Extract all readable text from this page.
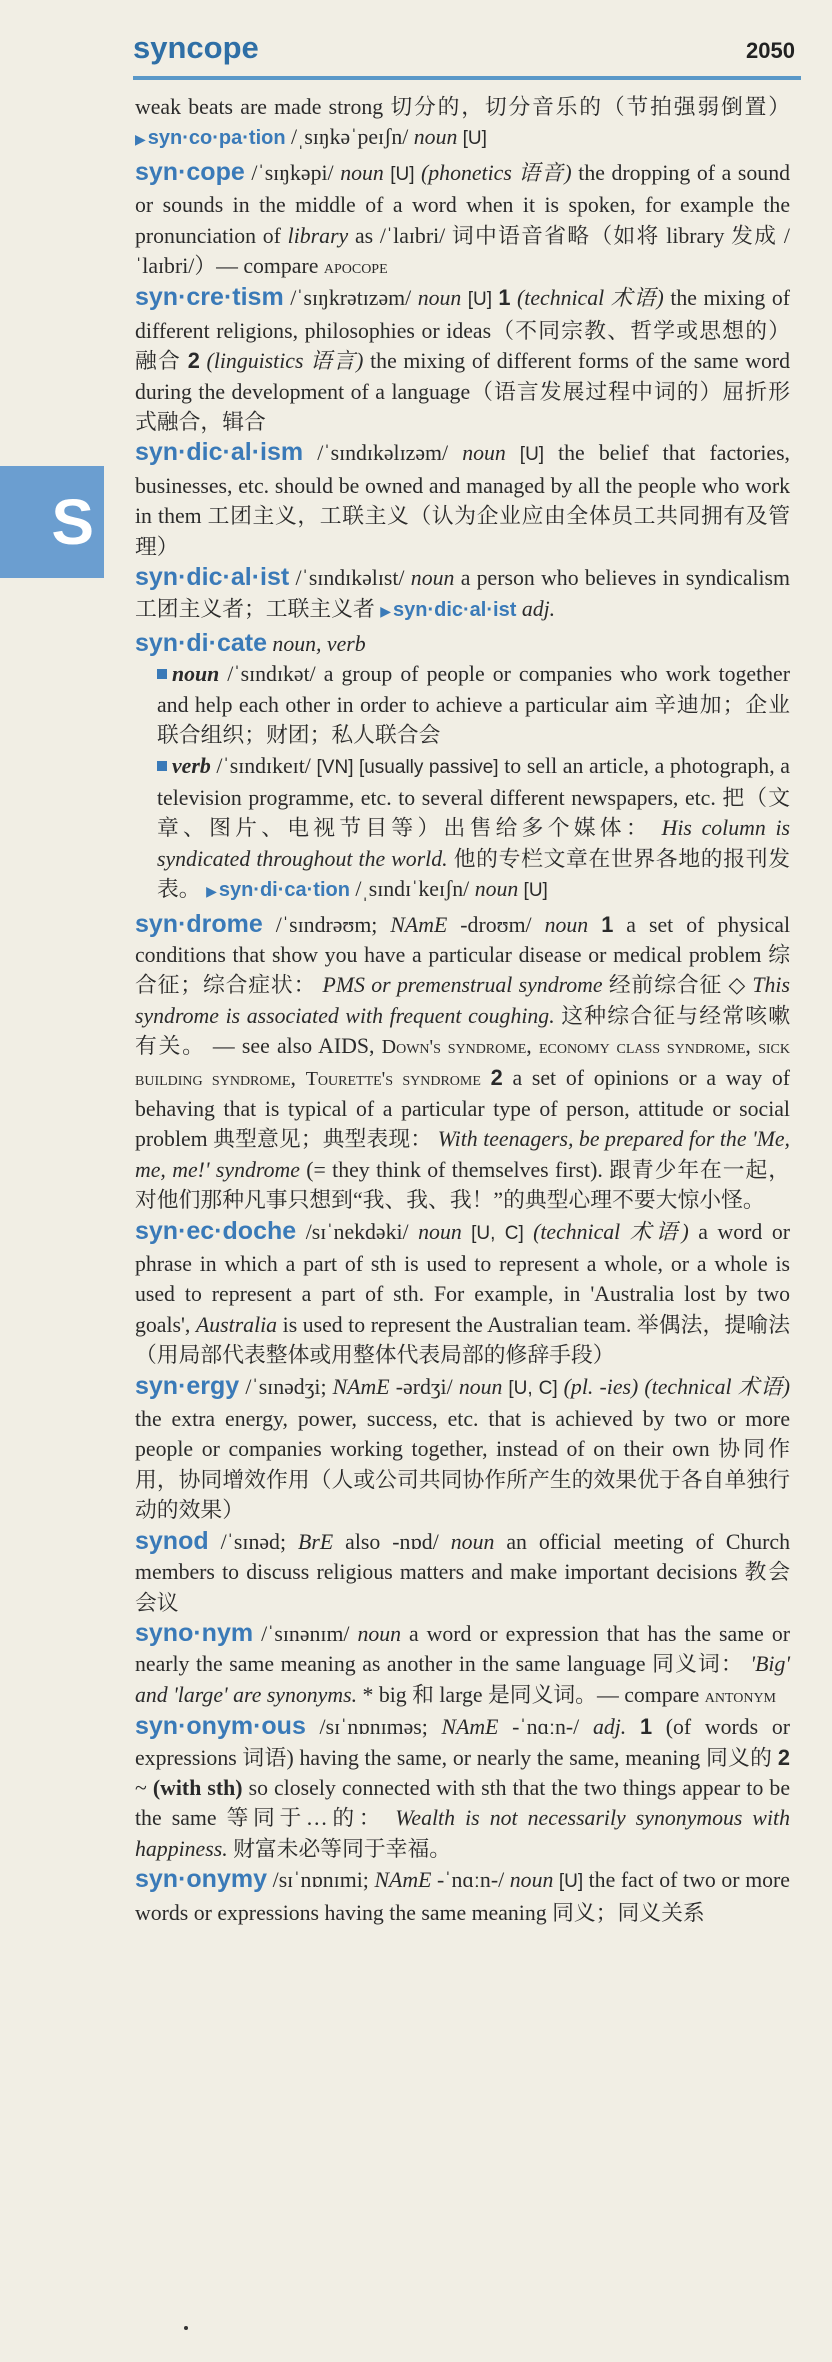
syncope	2050
S

weak beats are made strong 切分的，切分音乐的（节拍强弱倒置） ▶ syn·co·pa·tion /ˌsɪŋkəˈpeɪʃn/ noun [U]

syn·cope /ˈsɪŋkəpi/ noun [U] (phonetics 语音) the dropping of a sound or sounds in the middle of a word when it is spoken, for example the pronunciation of library as /ˈlaɪbri/ 词中语音省略（如将 library 发成 /ˈlaɪbri/）— compare apocope

syn·cre·tism /ˈsɪŋkrətɪzəm/ noun [U] 1 (technical 术语) the mixing of different religions, philosophies or ideas（不同宗教、哲学或思想的）融合 2 (linguistics 语言) the mixing of different forms of the same word during the development of a language（语言发展过程中词的）屈折形式融合，辑合

syn·dic·al·ism /ˈsɪndɪkəlɪzəm/ noun [U] the belief that factories, businesses, etc. should be owned and managed by all the people who work in them 工团主义，工联主义（认为企业应由全体员工共同拥有及管理）

syn·dic·al·ist /ˈsɪndɪkəlɪst/ noun a person who believes in syndicalism 工团主义者；工联主义者 ▶ syn·dic·al·ist adj.

syn·di·cate noun, verb

noun /ˈsɪndɪkət/ a group of people or companies who work together and help each other in order to achieve a particular aim 辛迪加；企业联合组织；财团；私人联合会

verb /ˈsɪndɪkeɪt/ [VN] [usually passive] to sell an article, a photograph, a television programme, etc. to several different newspapers, etc. 把（文章、图片、电视节目等）出售给多个媒体： His column is syndicated throughout the world. 他的专栏文章在世界各地的报刊发表。 ▶ syn·di·ca·tion /ˌsɪndɪˈkeɪʃn/ noun [U]

syn·drome /ˈsɪndrəʊm; NAmE -droʊm/ noun 1 a set of physical conditions that show you have a particular disease or medical problem 综合征；综合症状： PMS or premenstrual syndrome 经前综合征 ◇ This syndrome is associated with frequent coughing. 这种综合征与经常咳嗽有关。 — see also AIDS, Down's syndrome, economy class syndrome, sick building syndrome, Tourette's syndrome 2 a set of opinions or a way of behaving that is typical of a particular type of person, attitude or social problem 典型意见；典型表现： With teenagers, be prepared for the 'Me, me, me!' syndrome (= they think of themselves first). 跟青少年在一起，对他们那种凡事只想到“我、我、我！”的典型心理不要大惊小怪。

syn·ec·doche /sɪˈnekdəki/ noun [U, C] (technical 术语) a word or phrase in which a part of sth is used to represent a whole, or a whole is used to represent a part of sth. For example, in 'Australia lost by two goals', Australia is used to represent the Australian team. 举偶法，提喻法（用局部代表整体或用整体代表局部的修辞手段）

syn·ergy /ˈsɪnədʒi; NAmE -ərdʒi/ noun [U, C] (pl. -ies) (technical 术语) the extra energy, power, success, etc. that is achieved by two or more people or companies working together, instead of on their own 协同作用，协同增效作用（人或公司共同协作所产生的效果优于各自单独行动的效果）

synod /ˈsɪnəd; BrE also -nɒd/ noun an official meeting of Church members to discuss religious matters and make important decisions 教会会议

syno·nym /ˈsɪnənɪm/ noun a word or expression that has the same or nearly the same meaning as another in the same language 同义词： 'Big' and 'large' are synonyms. * big 和 large 是同义词。— compare antonym

syn·onym·ous /sɪˈnɒnɪməs; NAmE -ˈnɑːn-/ adj. 1 (of words or expressions 词语) having the same, or nearly the same, meaning 同义的 2 ~ (with sth) so closely connected with sth that the two things appear to be the same 等同于…的： Wealth is not necessarily synonymous with happiness. 财富未必等同于幸福。

syn·onymy /sɪˈnɒnɪmi; NAmE -ˈnɑːn-/ noun [U] the fact of two or more words or expressions having the same meaning 同义；同义关系
